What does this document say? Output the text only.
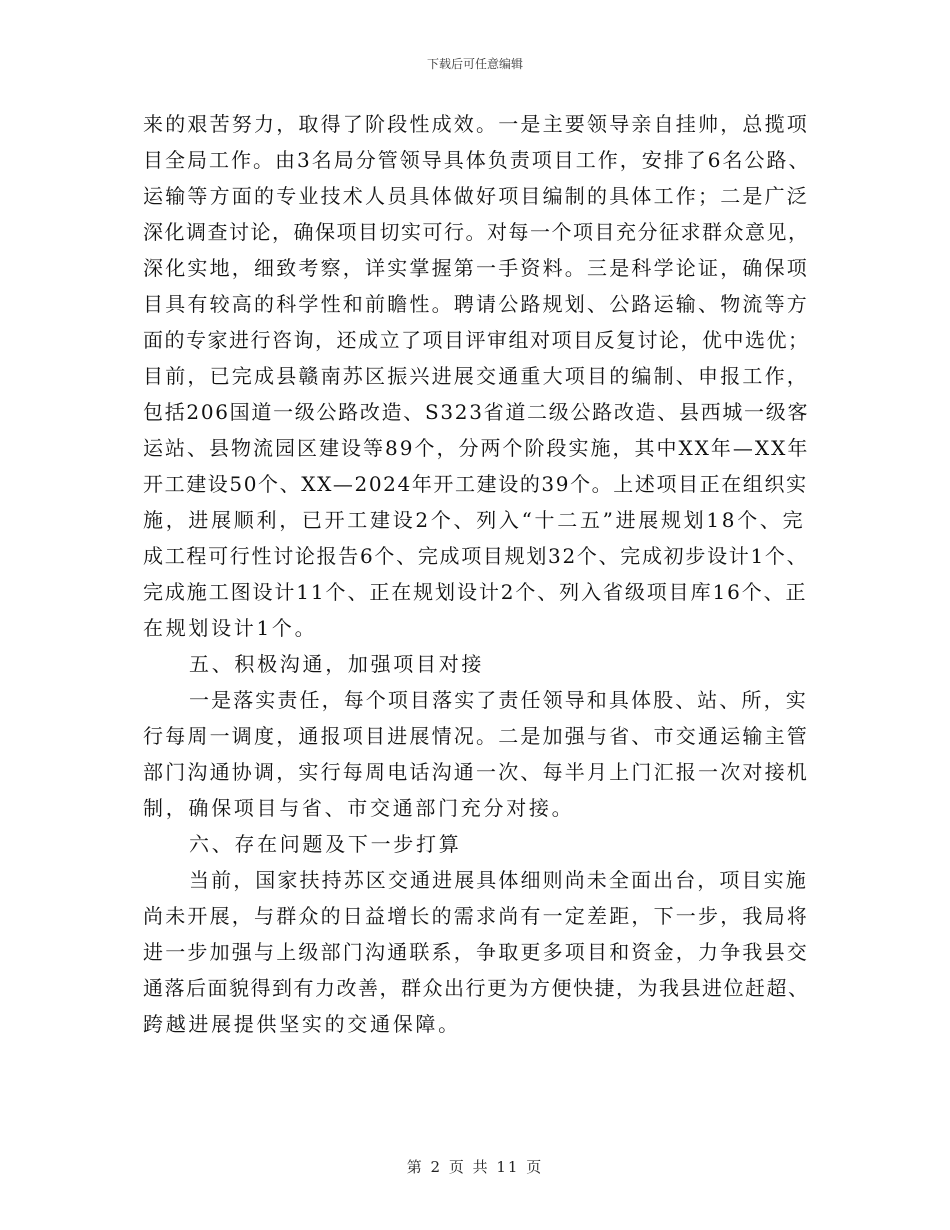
下载后可任意编辑
来的艰苦努力，取得了阶段性成效。一是主要领导亲自挂帅，总揽项
目全局工作。由3名局分管领导具体负责项目工作，安排了6名公路、
运输等方面的专业技术人员具体做好项目编制的具体工作；二是广泛
深化调查讨论，确保项目切实可行。对每一个项目充分征求群众意见，
深化实地，细致考察，详实掌握第一手资料。三是科学论证，确保项
目具有较高的科学性和前瞻性。聘请公路规划、公路运输、物流等方
面的专家进行咨询，还成立了项目评审组对项目反复讨论，优中选优；
目前，已完成县赣南苏区振兴进展交通重大项目的编制、申报工作，
包括206国道一级公路改造、S323省道二级公路改造、县西城一级客
运站、县物流园区建设等89个，分两个阶段实施，其中XX年—XX年
开工建设50个、XX—2024年开工建设的39个。上述项目正在组织实
施，进展顺利，已开工建设2个、列入“十二五”进展规划18个、完
成工程可行性讨论报告6个、完成项目规划32个、完成初步设计1个、
完成施工图设计11个、正在规划设计2个、列入省级项目库16个、正
在规划设计1个。
五、积极沟通，加强项目对接
一是落实责任，每个项目落实了责任领导和具体股、站、所，实
行每周一调度，通报项目进展情况。二是加强与省、市交通运输主管
部门沟通协调，实行每周电话沟通一次、每半月上门汇报一次对接机
制，确保项目与省、市交通部门充分对接。
六、存在问题及下一步打算
当前，国家扶持苏区交通进展具体细则尚未全面出台，项目实施
尚未开展，与群众的日益增长的需求尚有一定差距，下一步，我局将
进一步加强与上级部门沟通联系，争取更多项目和资金，力争我县交
通落后面貌得到有力改善，群众出行更为方便快捷，为我县进位赶超、
跨越进展提供坚实的交通保障。
第 2 页 共 11 页
